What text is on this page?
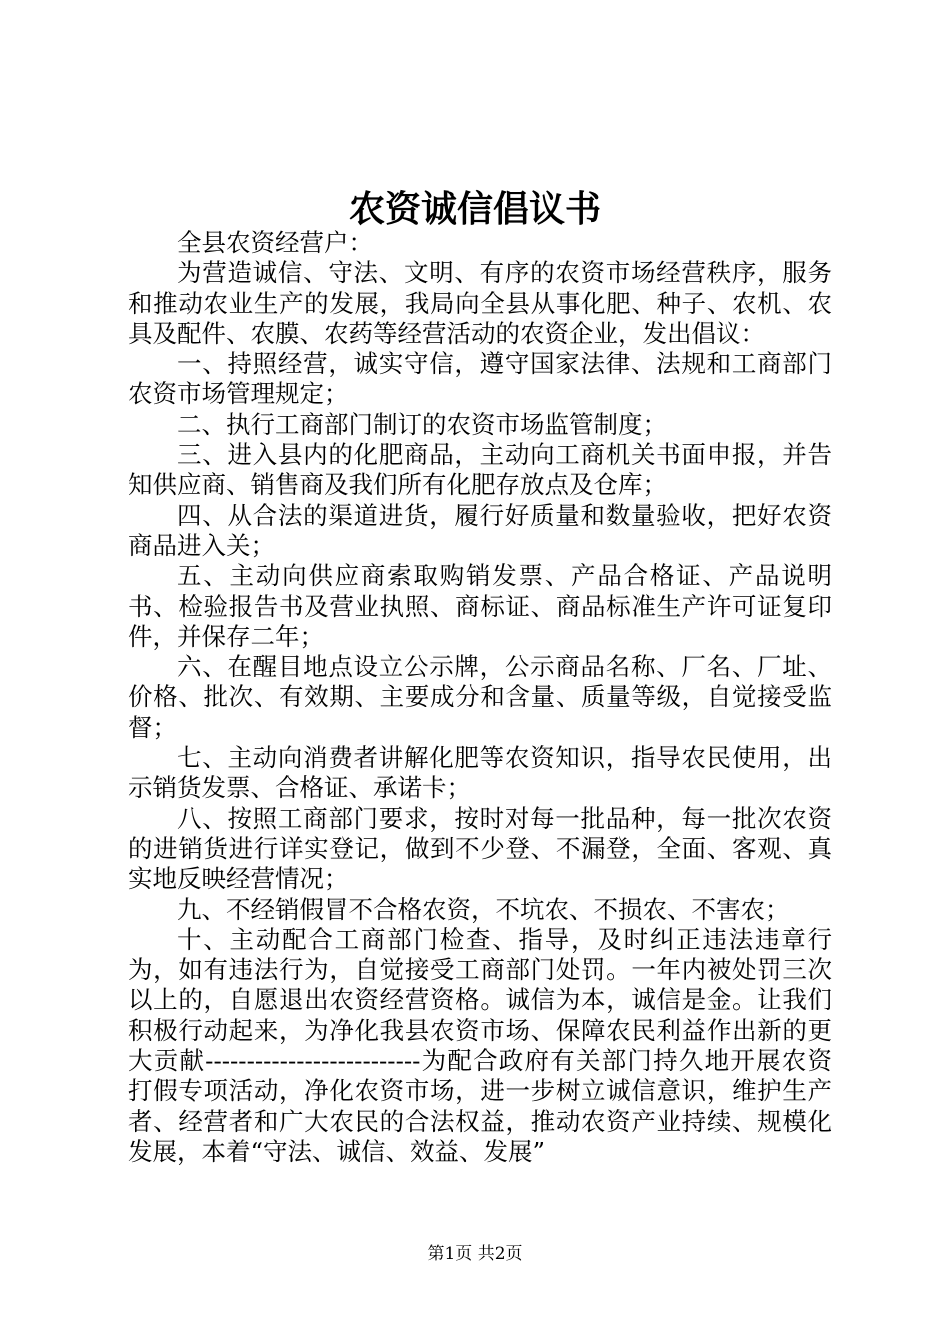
农资诚信倡议书

全县农资经营户：

为营造诚信、守法、文明、有序的农资市场经营秩序，服务和推动农业生产的发展，我局向全县从事化肥、种子、农机、农具及配件、农膜、农药等经营活动的农资企业，发出倡议：

一、持照经营，诚实守信，遵守国家法律、法规和工商部门农资市场管理规定；

二、执行工商部门制订的农资市场监管制度；

三、进入县内的化肥商品，主动向工商机关书面申报，并告知供应商、销售商及我们所有化肥存放点及仓库；

四、从合法的渠道进货，履行好质量和数量验收，把好农资商品进入关；

五、主动向供应商索取购销发票、产品合格证、产品说明书、检验报告书及营业执照、商标证、商品标准生产许可证复印件，并保存二年；

六、在醒目地点设立公示牌，公示商品名称、厂名、厂址、价格、批次、有效期、主要成分和含量、质量等级，自觉接受监督；

七、主动向消费者讲解化肥等农资知识，指导农民使用，出示销货发票、合格证、承诺卡；

八、按照工商部门要求，按时对每一批品种，每一批次农资的进销货进行详实登记，做到不少登、不漏登，全面、客观、真实地反映经营情况；

九、不经销假冒不合格农资，不坑农、不损农、不害农；

十、主动配合工商部门检查、指导，及时纠正违法违章行为，如有违法行为，自觉接受工商部门处罚。一年内被处罚三次以上的，自愿退出农资经营资格。诚信为本，诚信是金。让我们积极行动起来，为净化我县农资市场、保障农民利益作出新的更大贡献--------------------------为配合政府有关部门持久地开展农资打假专项活动，净化农资市场，进一步树立诚信意识，维护生产者、经营者和广大农民的合法权益，推动农资产业持续、规模化发展，本着“守法、诚信、效益、发展”

第1页 共2页
